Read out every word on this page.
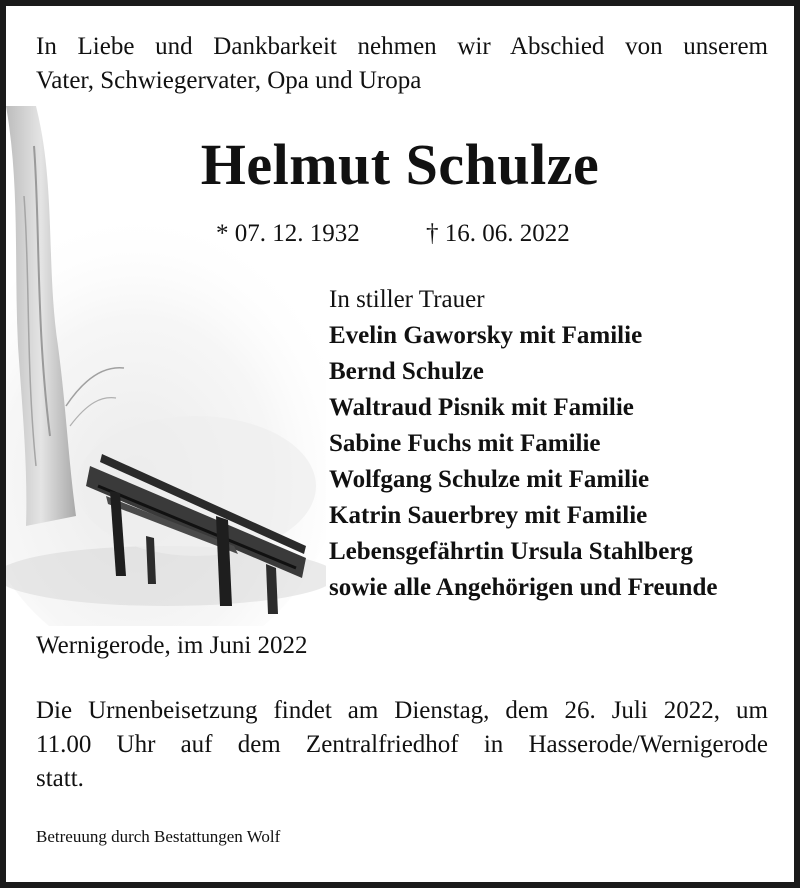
In Liebe und Dankbarkeit nehmen wir Abschied von unserem
Vater, Schwiegervater, Opa und Uropa
Helmut Schulze
* 07. 12. 1932	† 16. 06. 2022
In stiller Trauer
Evelin Gaworsky mit Familie
Bernd Schulze
Waltraud Pisnik mit Familie
Sabine Fuchs mit Familie
Wolfgang Schulze mit Familie
Katrin Sauerbrey mit Familie
Lebensgefährtin Ursula Stahlberg
sowie alle Angehörigen und Freunde
Wernigerode, im Juni 2022
Die Urnenbeisetzung findet am Dienstag, dem 26. Juli 2022, um
11.00 Uhr auf dem Zentralfriedhof in Hasserode/Wernigerode
statt.
Betreuung durch Bestattungen Wolf
